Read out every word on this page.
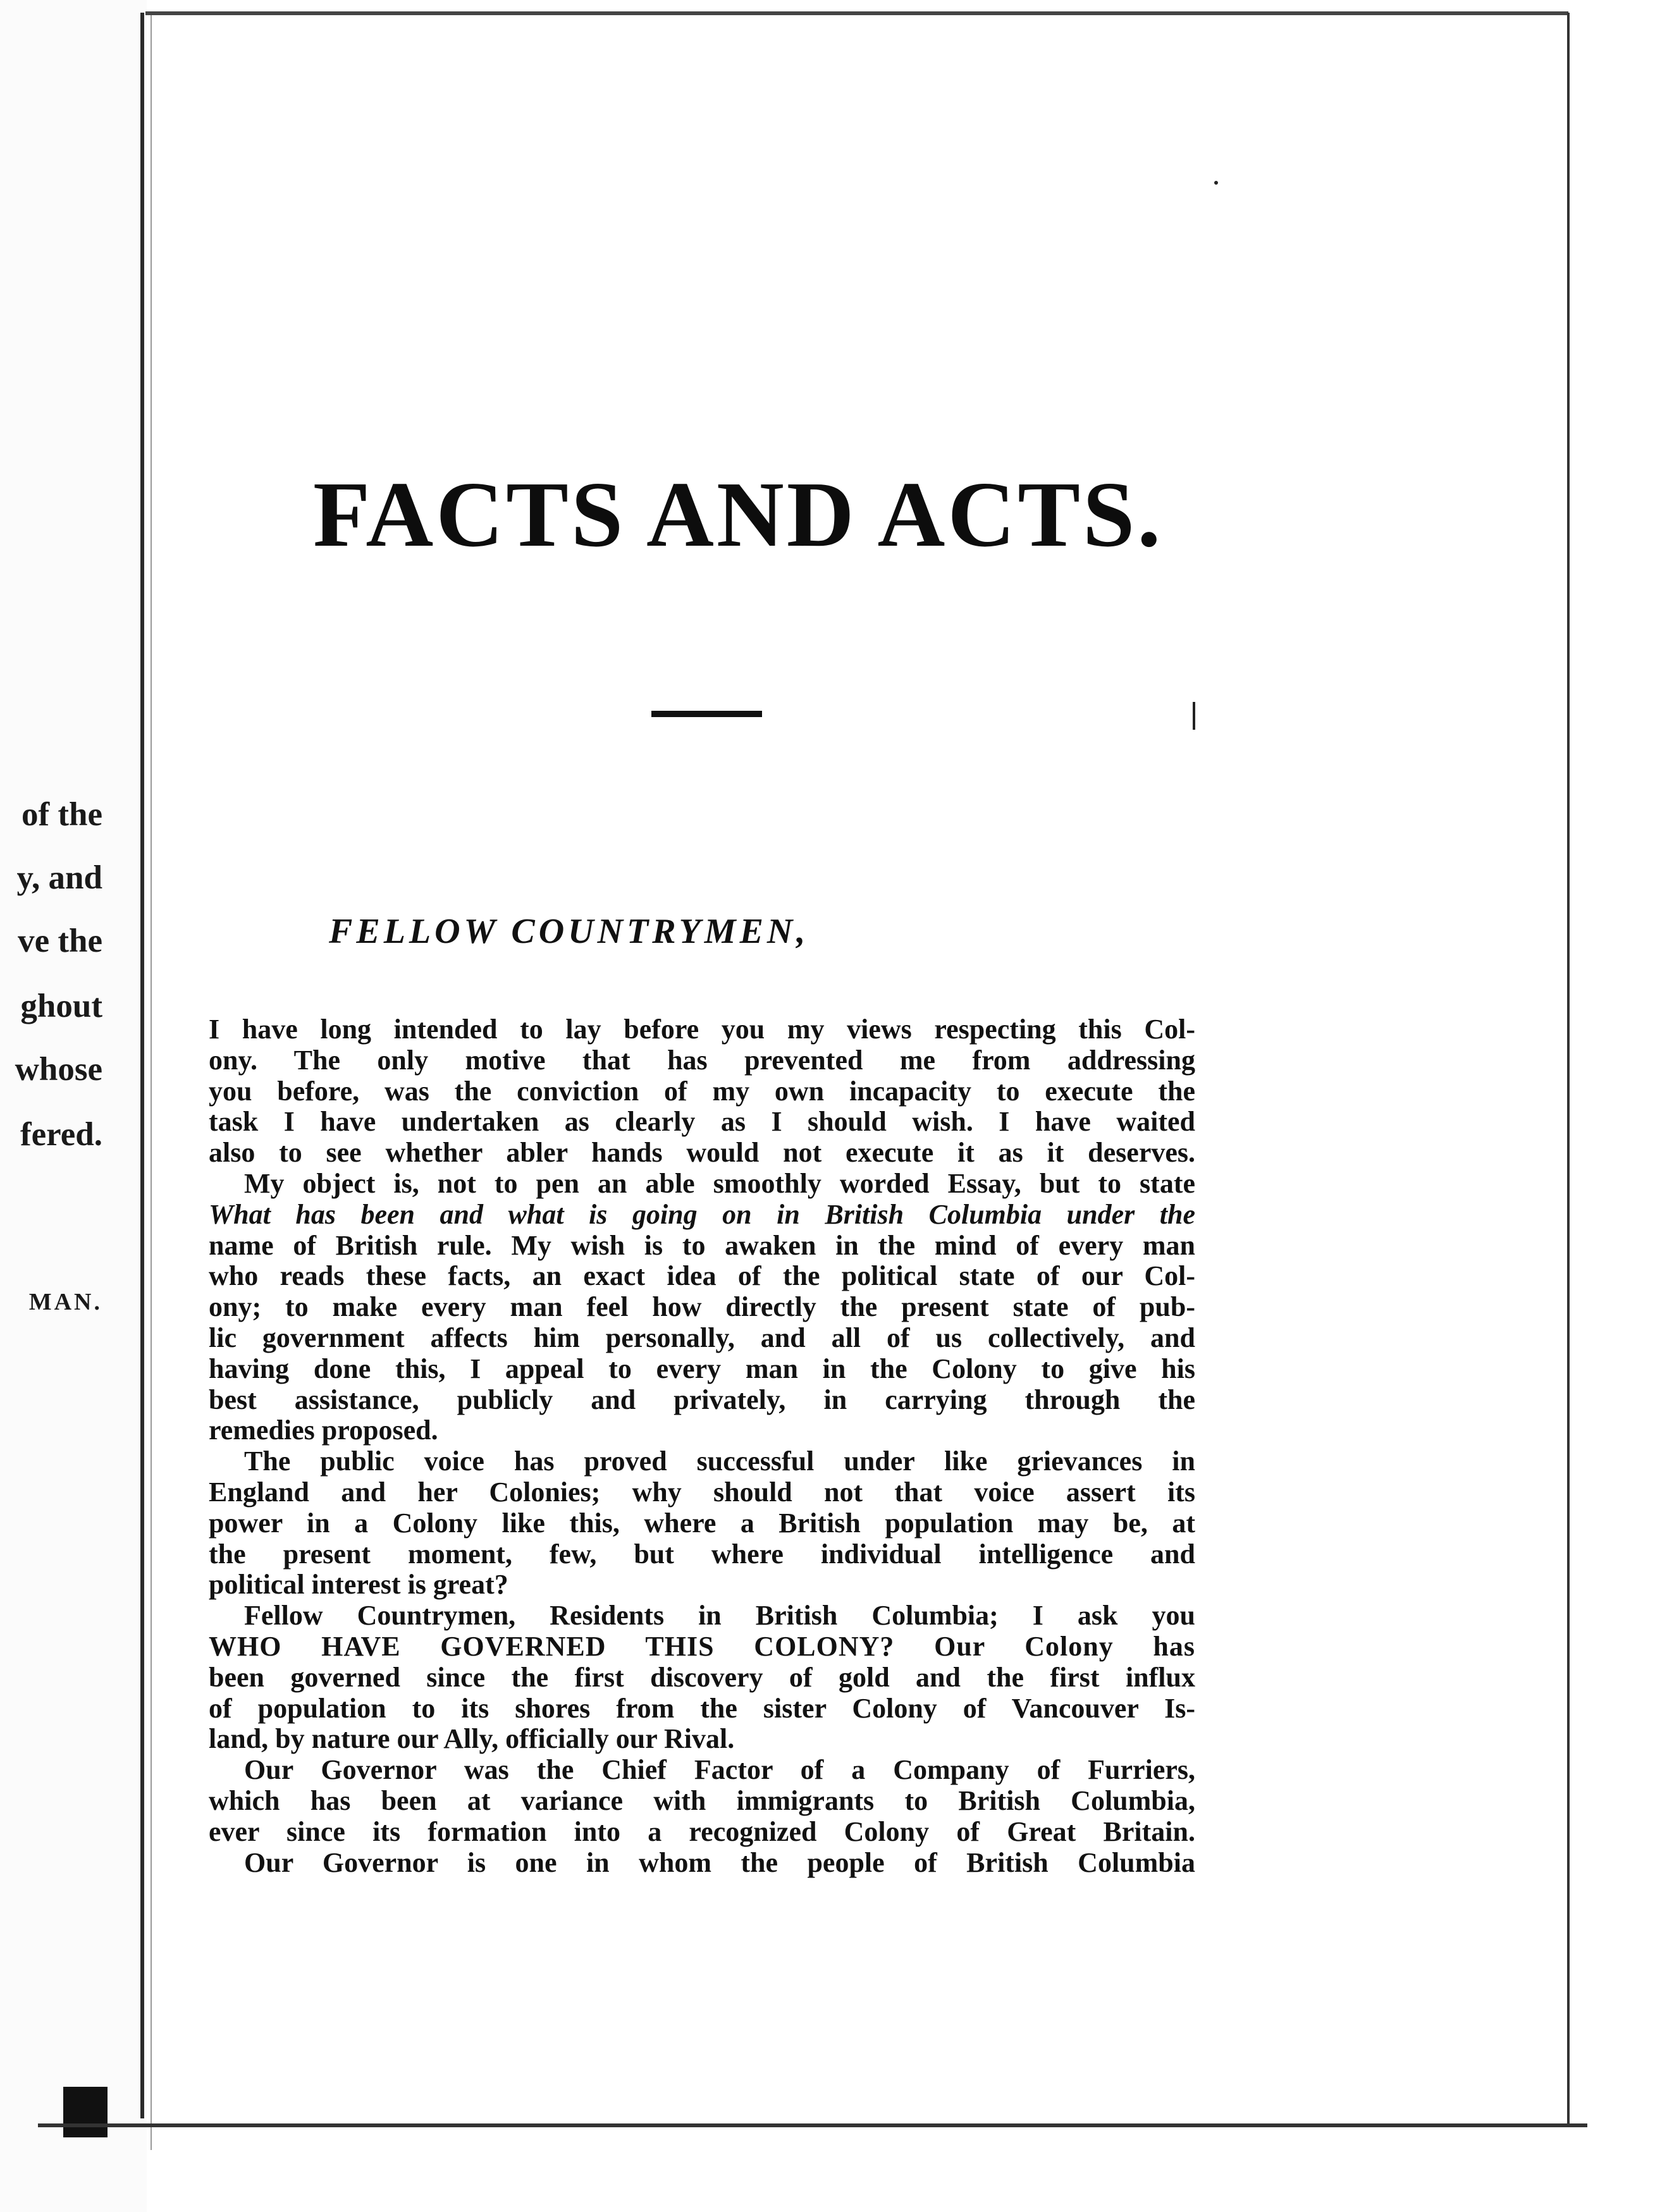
of the
y, and
ve the
ghout
whose
fered.
MAN.
FACTS AND ACTS.
FELLOW COUNTRYMEN,
I have long intended to lay before you my views respecting this Col-
ony. The only motive that has prevented me from addressing
you before, was the conviction of my own incapacity to execute the
task I have undertaken as clearly as I should wish. I have waited
also to see whether abler hands would not execute it as it deserves.
My object is, not to pen an able smoothly worded Essay, but to state
What has been and what is going on in British Columbia under the
name of British rule. My wish is to awaken in the mind of every man
who reads these facts, an exact idea of the political state of our Col-
ony; to make every man feel how directly the present state of pub-
lic government affects him personally, and all of us collectively, and
having done this, I appeal to every man in the Colony to give his
best assistance, publicly and privately, in carrying through the
remedies proposed.
The public voice has proved successful under like grievances in
England and her Colonies; why should not that voice assert its
power in a Colony like this, where a British population may be, at
the present moment, few, but where individual intelligence and
political interest is great?
Fellow Countrymen, Residents in British Columbia; I ask you
WHO HAVE GOVERNED THIS COLONY? Our Colony has
been governed since the first discovery of gold and the first influx
of population to its shores from the sister Colony of Vancouver Is-
land, by nature our Ally, officially our Rival.
Our Governor was the Chief Factor of a Company of Furriers,
which has been at variance with immigrants to British Columbia,
ever since its formation into a recognized Colony of Great Britain.
Our Governor is one in whom the people of British Columbia
